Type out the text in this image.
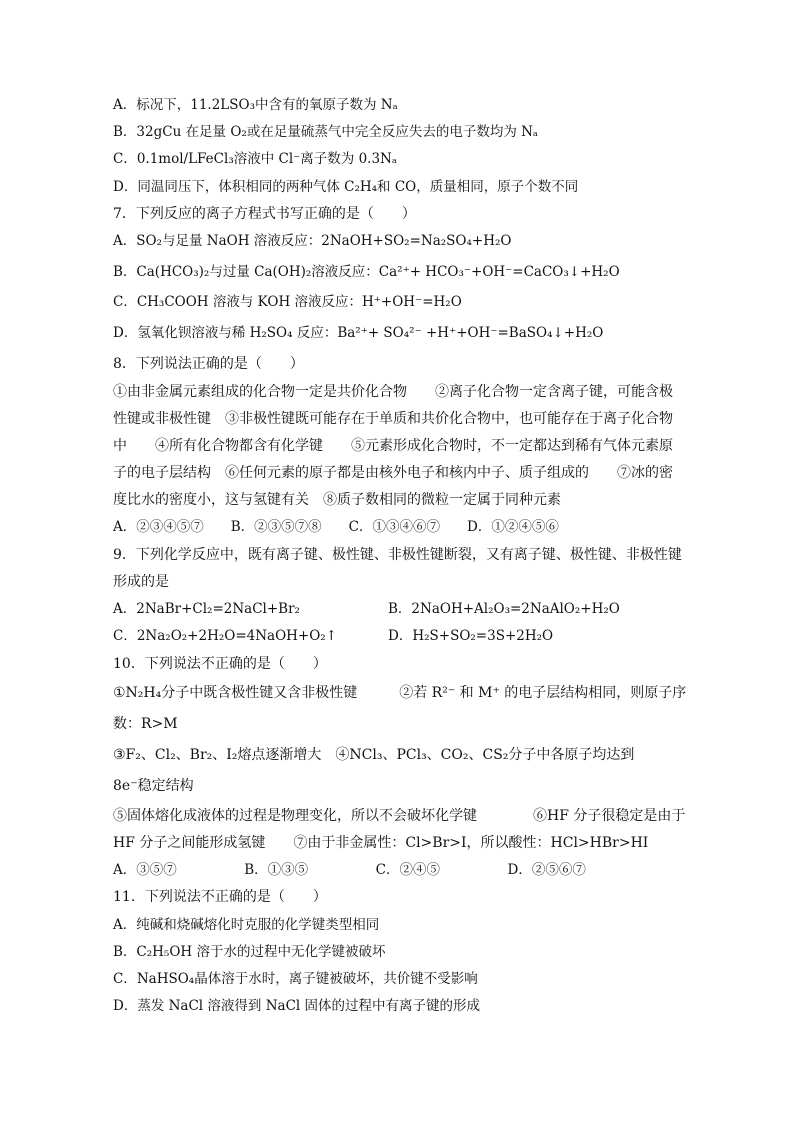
A．标况下，11.2LSO₃中含有的氧原子数为 Nₐ
B．32gCu 在足量 O₂或在足量硫蒸气中完全反应失去的电子数均为 Nₐ
C．0.1mol/LFeCl₃溶液中 Cl⁻离子数为 0.3Nₐ
D．同温同压下，体积相同的两种气体 C₂H₄和 CO，质量相同，原子个数不同
7．下列反应的离子方程式书写正确的是（　　）
A．SO₂与足量 NaOH 溶液反应：2NaOH+SO₂=Na₂SO₄+H₂O
B．Ca(HCO₃)₂与过量 Ca(OH)₂溶液反应：Ca²⁺+ HCO₃⁻+OH⁻=CaCO₃↓+H₂O
C．CH₃COOH 溶液与 KOH 溶液反应：H⁺+OH⁻=H₂O
D．氢氧化钡溶液与稀 H₂SO₄ 反应：Ba²⁺+ SO₄²⁻ +H⁺+OH⁻=BaSO₄↓+H₂O
8．下列说法正确的是（　　）
①由非金属元素组成的化合物一定是共价化合物　　②离子化合物一定含离子键，可能含极
性键或非极性键　③非极性键既可能存在于单质和共价化合物中，也可能存在于离子化合物
中　　④所有化合物都含有化学键　　⑤元素形成化合物时，不一定都达到稀有气体元素原
子的电子层结构　⑥任何元素的原子都是由核外电子和核内中子、质子组成的　　⑦冰的密
度比水的密度小，这与氢键有关　⑧质子数相同的微粒一定属于同种元素
A．②③④⑤⑦　　B．②③⑤⑦⑧　　C．①③④⑥⑦　　D．①②④⑤⑥
9．下列化学反应中，既有离子键、极性键、非极性键断裂，又有离子键、极性键、非极性键
形成的是
A．2NaBr+Cl₂=2NaCl+Br₂	B．2NaOH+Al₂O₃=2NaAlO₂+H₂O
C．2Na₂O₂+2H₂O=4NaOH+O₂↑	D．H₂S+SO₂=3S+2H₂O
10．下列说法不正确的是（　　）
①N₂H₄分子中既含极性键又含非极性键　　　②若 R²⁻ 和 M⁺ 的电子层结构相同，则原子序
数：R>M
③F₂、Cl₂、Br₂、I₂熔点逐渐增大　④NCl₃、PCl₃、CO₂、CS₂分子中各原子均达到
8e⁻稳定结构
⑤固体熔化成液体的过程是物理变化，所以不会破坏化学键　　　　⑥HF 分子很稳定是由于
HF 分子之间能形成氢键　　⑦由于非金属性：Cl>Br>I，所以酸性：HCl>HBr>HI
A．③⑤⑦　　　　　B．①③⑤　　　　　C．②④⑤　　　　　D．②⑤⑥⑦
11．下列说法不正确的是（　　）
A．纯碱和烧碱熔化时克服的化学键类型相同
B．C₂H₅OH 溶于水的过程中无化学键被破坏
C．NaHSO₄晶体溶于水时，离子键被破坏，共价键不受影响
D．蒸发 NaCl 溶液得到 NaCl 固体的过程中有离子键的形成
